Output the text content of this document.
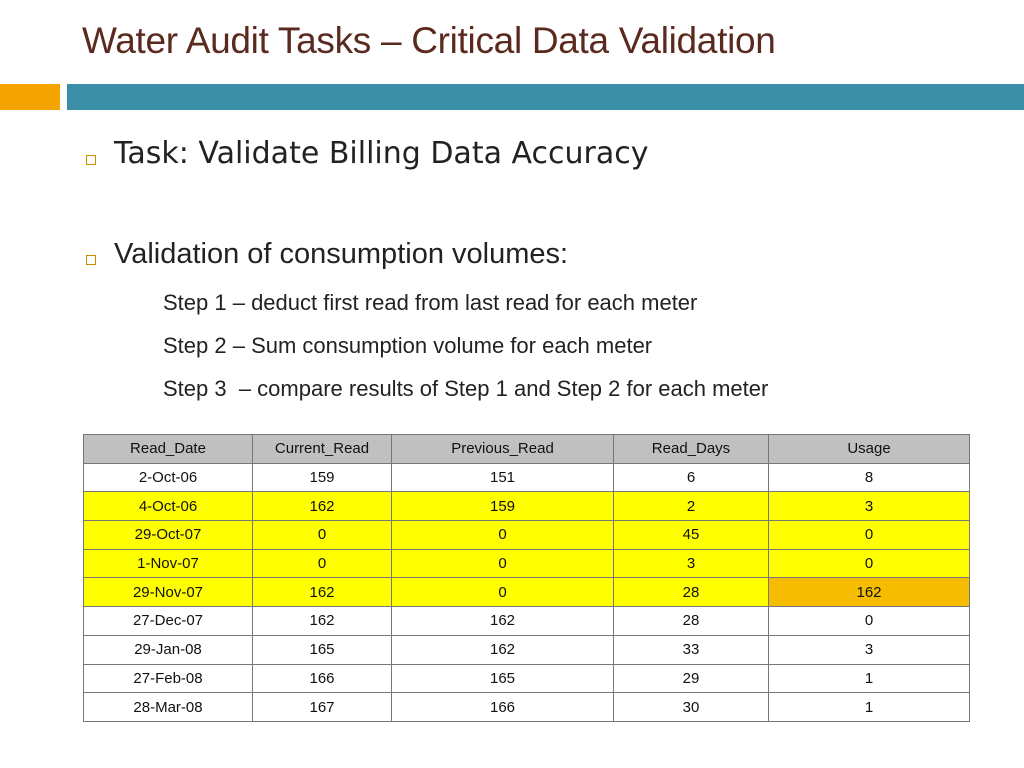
Water Audit Tasks – Critical Data Validation
Task: Validate Billing Data Accuracy
Validation of consumption volumes:
Step 1 – deduct first read from last read for each meter
Step 2 – Sum consumption volume for each meter
Step 3  – compare results of Step 1 and Step 2 for each meter
Read_Date	Current_Read	Previous_Read	Read_Days	Usage
2-Oct-06	159	151	6	8
4-Oct-06	162	159	2	3
29-Oct-07	0	0	45	0
1-Nov-07	0	0	3	0
29-Nov-07	162	0	28	162
27-Dec-07	162	162	28	0
29-Jan-08	165	162	33	3
27-Feb-08	166	165	29	1
28-Mar-08	167	166	30	1
